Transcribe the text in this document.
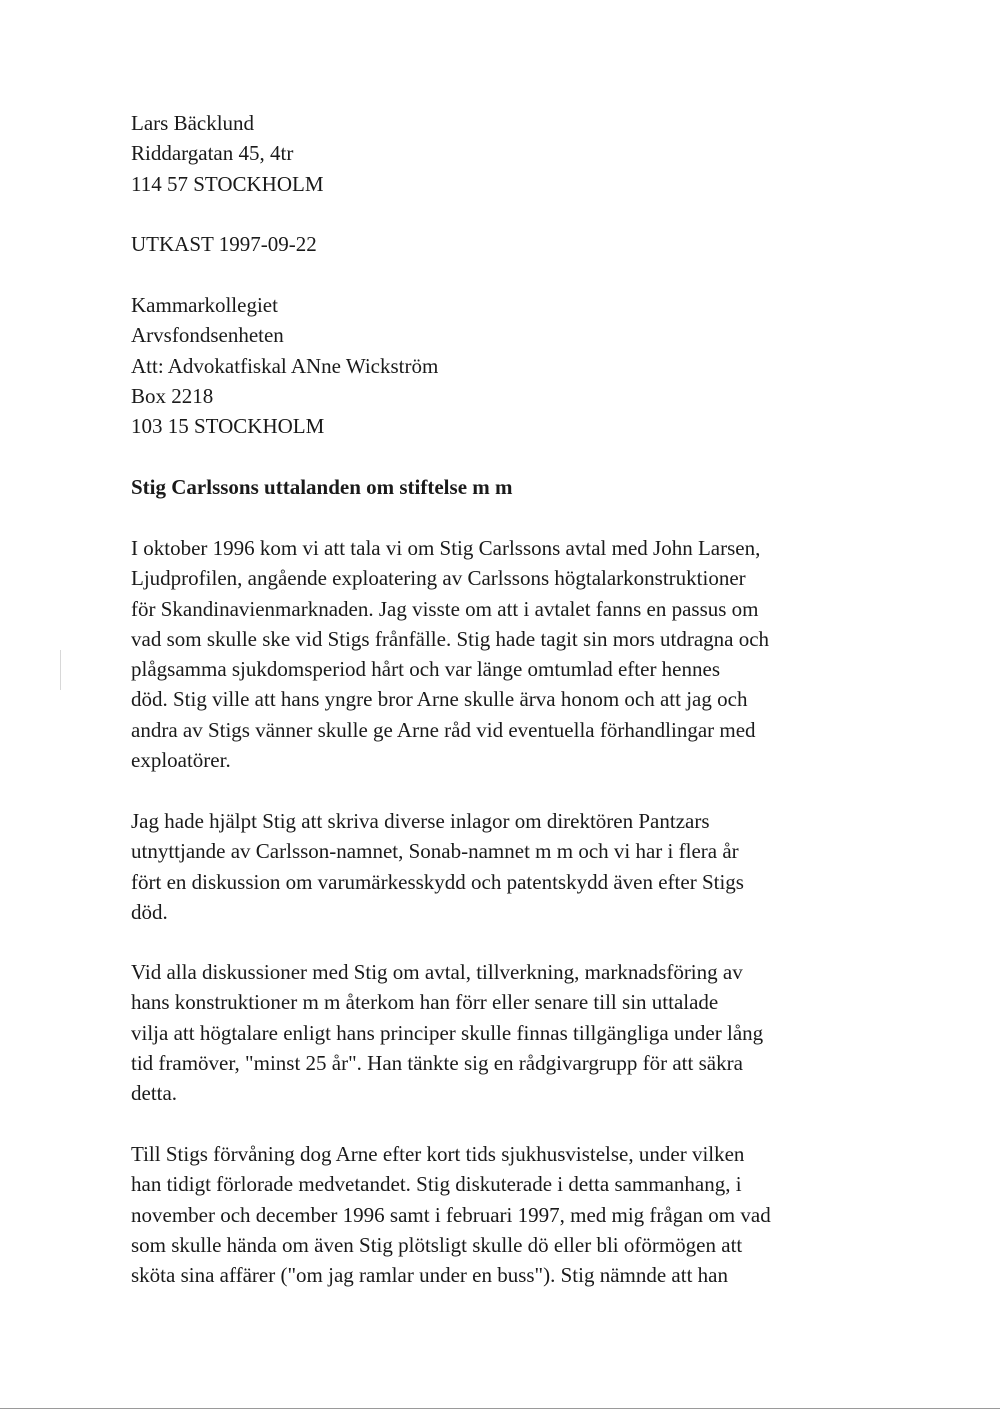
Lars Bäcklund
Riddargatan 45, 4tr
114 57 STOCKHOLM
UTKAST 1997-09-22
Kammarkollegiet
Arvsfondsenheten
Att: Advokatfiskal ANne Wickström
Box 2218
103 15 STOCKHOLM
Stig Carlssons uttalanden om stiftelse m m
I oktober 1996 kom vi att tala vi om Stig Carlssons avtal med John Larsen,
Ljudprofilen, angående exploatering av Carlssons högtalarkonstruktioner
för Skandinavienmarknaden. Jag visste om att i avtalet fanns en passus om
vad som skulle ske vid Stigs frånfälle. Stig hade tagit sin mors utdragna och
plågsamma sjukdomsperiod hårt och var länge omtumlad efter hennes
död. Stig ville att hans yngre bror Arne skulle ärva honom och att jag och
andra av Stigs vänner skulle ge Arne råd vid eventuella förhandlingar med
exploatörer.
Jag hade hjälpt Stig att skriva diverse inlagor om direktören Pantzars
utnyttjande av Carlsson-namnet, Sonab-namnet m m och vi har i flera år
fört en diskussion om varumärkesskydd och patentskydd även efter Stigs
död.
Vid alla diskussioner med Stig om avtal, tillverkning, marknadsföring av
hans konstruktioner m m återkom han förr eller senare till sin uttalade
vilja att högtalare enligt hans principer skulle finnas tillgängliga under lång
tid framöver, "minst 25 år". Han tänkte sig en rådgivargrupp för att säkra
detta.
Till Stigs förvåning dog Arne efter kort tids sjukhusvistelse, under vilken
han tidigt förlorade medvetandet. Stig diskuterade i detta sammanhang, i
november och december 1996 samt i februari 1997, med mig frågan om vad
som skulle hända om även Stig plötsligt skulle dö eller bli oförmögen att
sköta sina affärer ("om jag ramlar under en buss"). Stig nämnde att han
